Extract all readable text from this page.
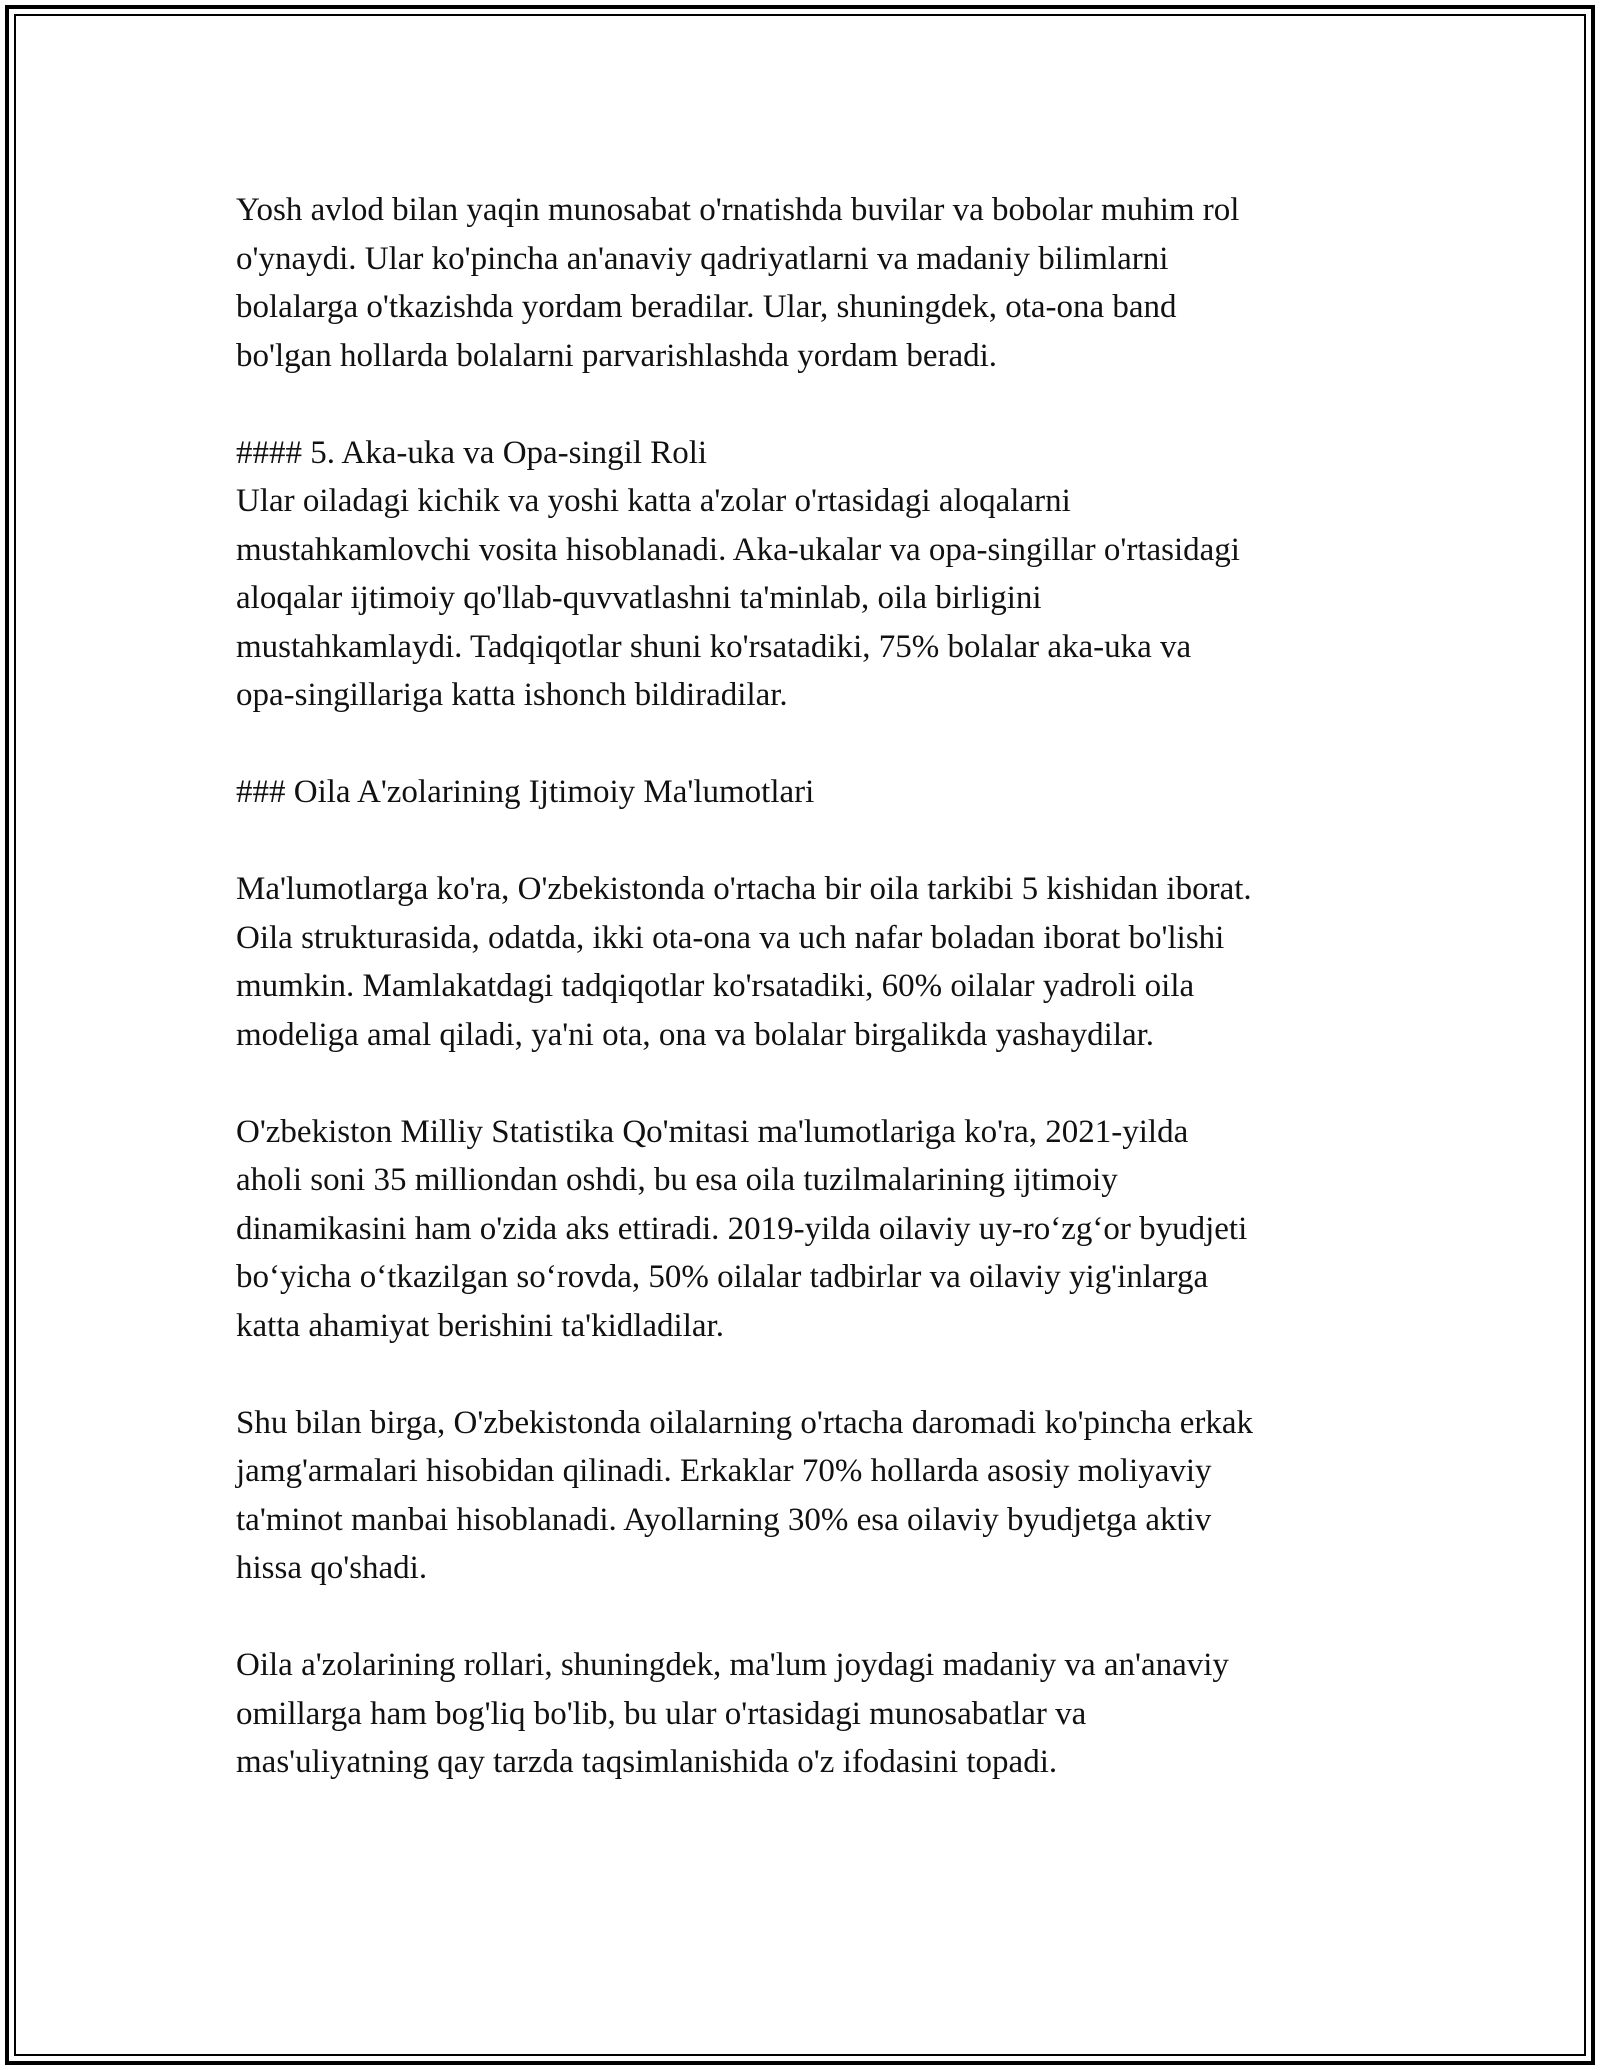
Yosh avlod bilan yaqin munosabat o'rnatishda buvilar va bobolar muhim rol
o'ynaydi. Ular ko'pincha an'anaviy qadriyatlarni va madaniy bilimlarni
bolalarga o'tkazishda yordam beradilar. Ular, shuningdek, ota-ona band
bo'lgan hollarda bolalarni parvarishlashda yordam beradi.
#### 5. Aka-uka va Opa-singil Roli
Ular oiladagi kichik va yoshi katta a'zolar o'rtasidagi aloqalarni
mustahkamlovchi vosita hisoblanadi. Aka-ukalar va opa-singillar o'rtasidagi
aloqalar ijtimoiy qo'llab-quvvatlashni ta'minlab, oila birligini
mustahkamlaydi. Tadqiqotlar shuni ko'rsatadiki, 75% bolalar aka-uka va
opa-singillariga katta ishonch bildiradilar.
### Oila A'zolarining Ijtimoiy Ma'lumotlari
Ma'lumotlarga ko'ra, O'zbekistonda o'rtacha bir oila tarkibi 5 kishidan iborat.
Oila strukturasida, odatda, ikki ota-ona va uch nafar boladan iborat bo'lishi
mumkin. Mamlakatdagi tadqiqotlar ko'rsatadiki, 60% oilalar yadroli oila
modeliga amal qiladi, ya'ni ota, ona va bolalar birgalikda yashaydilar.
O'zbekiston Milliy Statistika Qo'mitasi ma'lumotlariga ko'ra, 2021-yilda
aholi soni 35 milliondan oshdi, bu esa oila tuzilmalarining ijtimoiy
dinamikasini ham o'zida aks ettiradi. 2019-yilda oilaviy uy-ro‘zg‘or byudjeti
bo‘yicha o‘tkazilgan so‘rovda, 50% oilalar tadbirlar va oilaviy yig'inlarga
katta ahamiyat berishini ta'kidladilar.
Shu bilan birga, O'zbekistonda oilalarning o'rtacha daromadi ko'pincha erkak
jamg'armalari hisobidan qilinadi. Erkaklar 70% hollarda asosiy moliyaviy
ta'minot manbai hisoblanadi. Ayollarning 30% esa oilaviy byudjetga aktiv
hissa qo'shadi.
Oila a'zolarining rollari, shuningdek, ma'lum joydagi madaniy va an'anaviy
omillarga ham bog'liq bo'lib, bu ular o'rtasidagi munosabatlar va
mas'uliyatning qay tarzda taqsimlanishida o'z ifodasini topadi.
